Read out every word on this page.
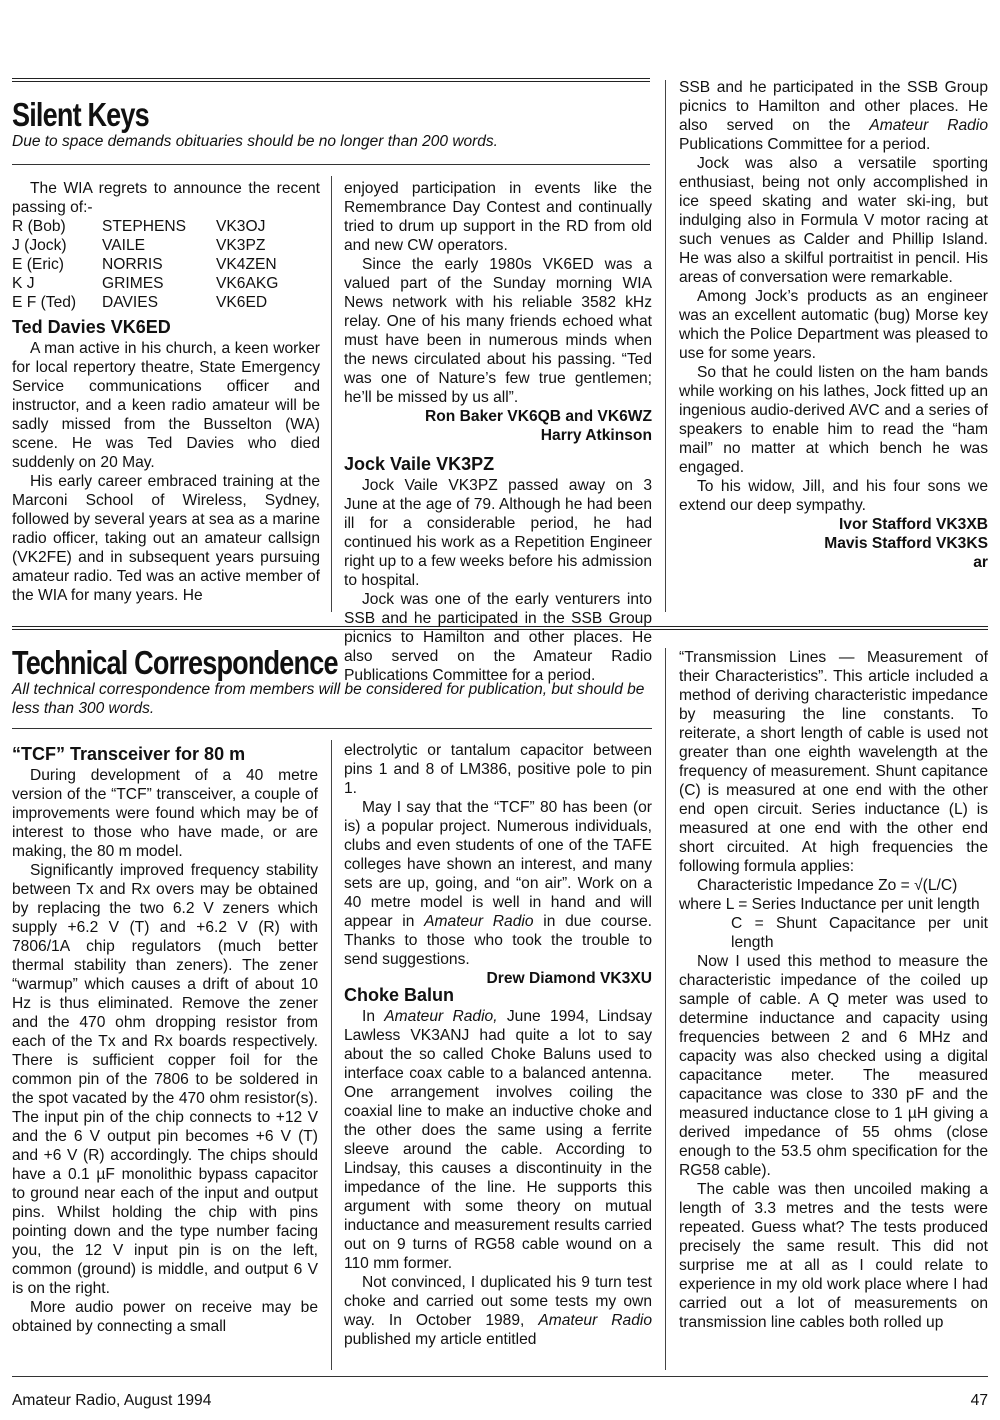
Silent Keys
Due to space demands obituaries should be no longer than 200 words.

The WIA regrets to announce the recent passing of:-

R (Bob)	STEPHENS	VK3OJ
J (Jock)	VAILE	VK3PZ
E (Eric)	NORRIS	VK4ZEN
K J	GRIMES	VK6AKG
E F (Ted)	DAVIES	VK6ED
Ted Davies VK6ED

A man active in his church, a keen worker for local repertory theatre, State Emergency Service communications officer and instructor, and a keen radio amateur will be sadly missed from the Busselton (WA) scene. He was Ted Davies who died suddenly on 20 May.

His early career embraced training at the Marconi School of Wireless, Sydney, followed by several years at sea as a marine radio officer, taking out an amateur callsign (VK2FE) and in subsequent years pursuing amateur radio. Ted was an active member of the WIA for many years. He

enjoyed participation in events like the Remembrance Day Contest and continually tried to drum up support in the RD from old and new CW operators.

Since the early 1980s VK6ED was a valued part of the Sunday morning WIA News network with his reliable 3582 kHz relay. One of his many friends echoed what must have been in numerous minds when the news circulated about his passing. “Ted was one of Nature’s few true gentlemen; he’ll be missed by us all”.

Ron Baker VK6QB and VK6WZ
Harry Atkinson
Jock Vaile VK3PZ

Jock Vaile VK3PZ passed away on 3 June at the age of 79. Although he had been ill for a considerable period, he had continued his work as a Repetition Engineer right up to a few weeks before his admission to hospital.

Jock was one of the early venturers into SSB and he participated in the SSB Group picnics to Hamilton and other places. He also served on the Amateur Radio Publications Committee for a period.

SSB and he participated in the SSB Group picnics to Hamilton and other places. He also served on the Amateur Radio Publications Committee for a period.

Jock was also a versatile sporting enthusiast, being not only accomplished in ice speed skating and water ski-ing, but indulging also in Formula V motor racing at such venues as Calder and Phillip Island. He was also a skilful portraitist in pencil. His areas of conversation were remarkable.

Among Jock’s products as an engineer was an excellent automatic (bug) Morse key which the Police Department was pleased to use for some years.

So that he could listen on the ham bands while working on his lathes, Jock fitted up an ingenious audio-derived AVC and a series of speakers to enable him to read the “ham mail” no matter at which bench he was engaged.

To his widow, Jill, and his four sons we extend our deep sympathy.

Ivor Stafford VK3XB
Mavis Stafford VK3KS
ar
Technical Correspondence
All technical correspondence from members will be considered for publication, but should be less than 300 words.
“TCF” Transceiver for 80 m

During development of a 40 metre version of the “TCF” transceiver, a couple of improvements were found which may be of interest to those who have made, or are making, the 80 m model.

Significantly improved frequency stability between Tx and Rx overs may be obtained by replacing the two 6.2 V zeners which supply +6.2 V (T) and +6.2 V (R) with 7806/1A chip regulators (much better thermal stability than zeners). The zener “warmup” which causes a drift of about 10 Hz is thus eliminated. Remove the zener and the 470 ohm dropping resistor from each of the Tx and Rx boards respectively. There is sufficient copper foil for the common pin of the 7806 to be soldered in the spot vacated by the 470 ohm resistor(s). The input pin of the chip connects to +12 V and the 6 V output pin becomes +6 V (T) and +6 V (R) accordingly. The chips should have a 0.1 µF monolithic bypass capacitor to ground near each of the input and output pins. Whilst holding the chip with pins pointing down and the type number facing you, the 12 V input pin is on the left, common (ground) is middle, and output 6 V is on the right.

More audio power on receive may be obtained by connecting a small

electrolytic or tantalum capacitor between pins 1 and 8 of LM386, positive pole to pin 1.

May I say that the “TCF” 80 has been (or is) a popular project. Numerous individuals, clubs and even students of one of the TAFE colleges have shown an interest, and many sets are up, going, and “on air”. Work on a 40 metre model is well in hand and will appear in Amateur Radio in due course. Thanks to those who took the trouble to send suggestions.

Drew Diamond VK3XU
Choke Balun

In Amateur Radio, June 1994, Lindsay Lawless VK3ANJ had quite a lot to say about the so called Choke Baluns used to interface coax cable to a balanced antenna. One arrangement involves coiling the coaxial line to make an inductive choke and the other does the same using a ferrite sleeve around the cable. According to Lindsay, this causes a discontinuity in the impedance of the line. He supports this argument with some theory on mutual inductance and measurement results carried out on 9 turns of RG58 cable wound on a 110 mm former.

Not convinced, I duplicated his 9 turn test choke and carried out some tests my own way. In October 1989, Amateur Radio published my article entitled

“Transmission Lines — Measurement of their Characteristics”. This article included a method of deriving characteristic impedance by measuring the line constants. To reiterate, a short length of cable is used not greater than one eighth wavelength at the frequency of measurement. Shunt capitance (C) is measured at one end with the other end open circuit. Series inductance (L) is measured at one end with the other end short circuited. At high frequencies the following formula applies:

Characteristic Impedance Zo = √(L/C)

where L = Series Inductance per unit length

C = Shunt Capacitance per unit length

Now I used this method to measure the characteristic impedance of the coiled up sample of cable. A Q meter was used to determine inductance and capacity using frequencies between 2 and 6 MHz and capacity was also checked using a digital capacitance meter. The measured capacitance was close to 330 pF and the measured inductance close to 1 µH giving a derived impedance of 55 ohms (close enough to the 53.5 ohm specification for the RG58 cable).

The cable was then uncoiled making a length of 3.3 metres and the tests were repeated. Guess what? The tests produced precisely the same result. This did not surprise me at all as I could relate to experience in my old work place where I had carried out a lot of measurements on transmission line cables both rolled up

Amateur Radio, August 1994	47
